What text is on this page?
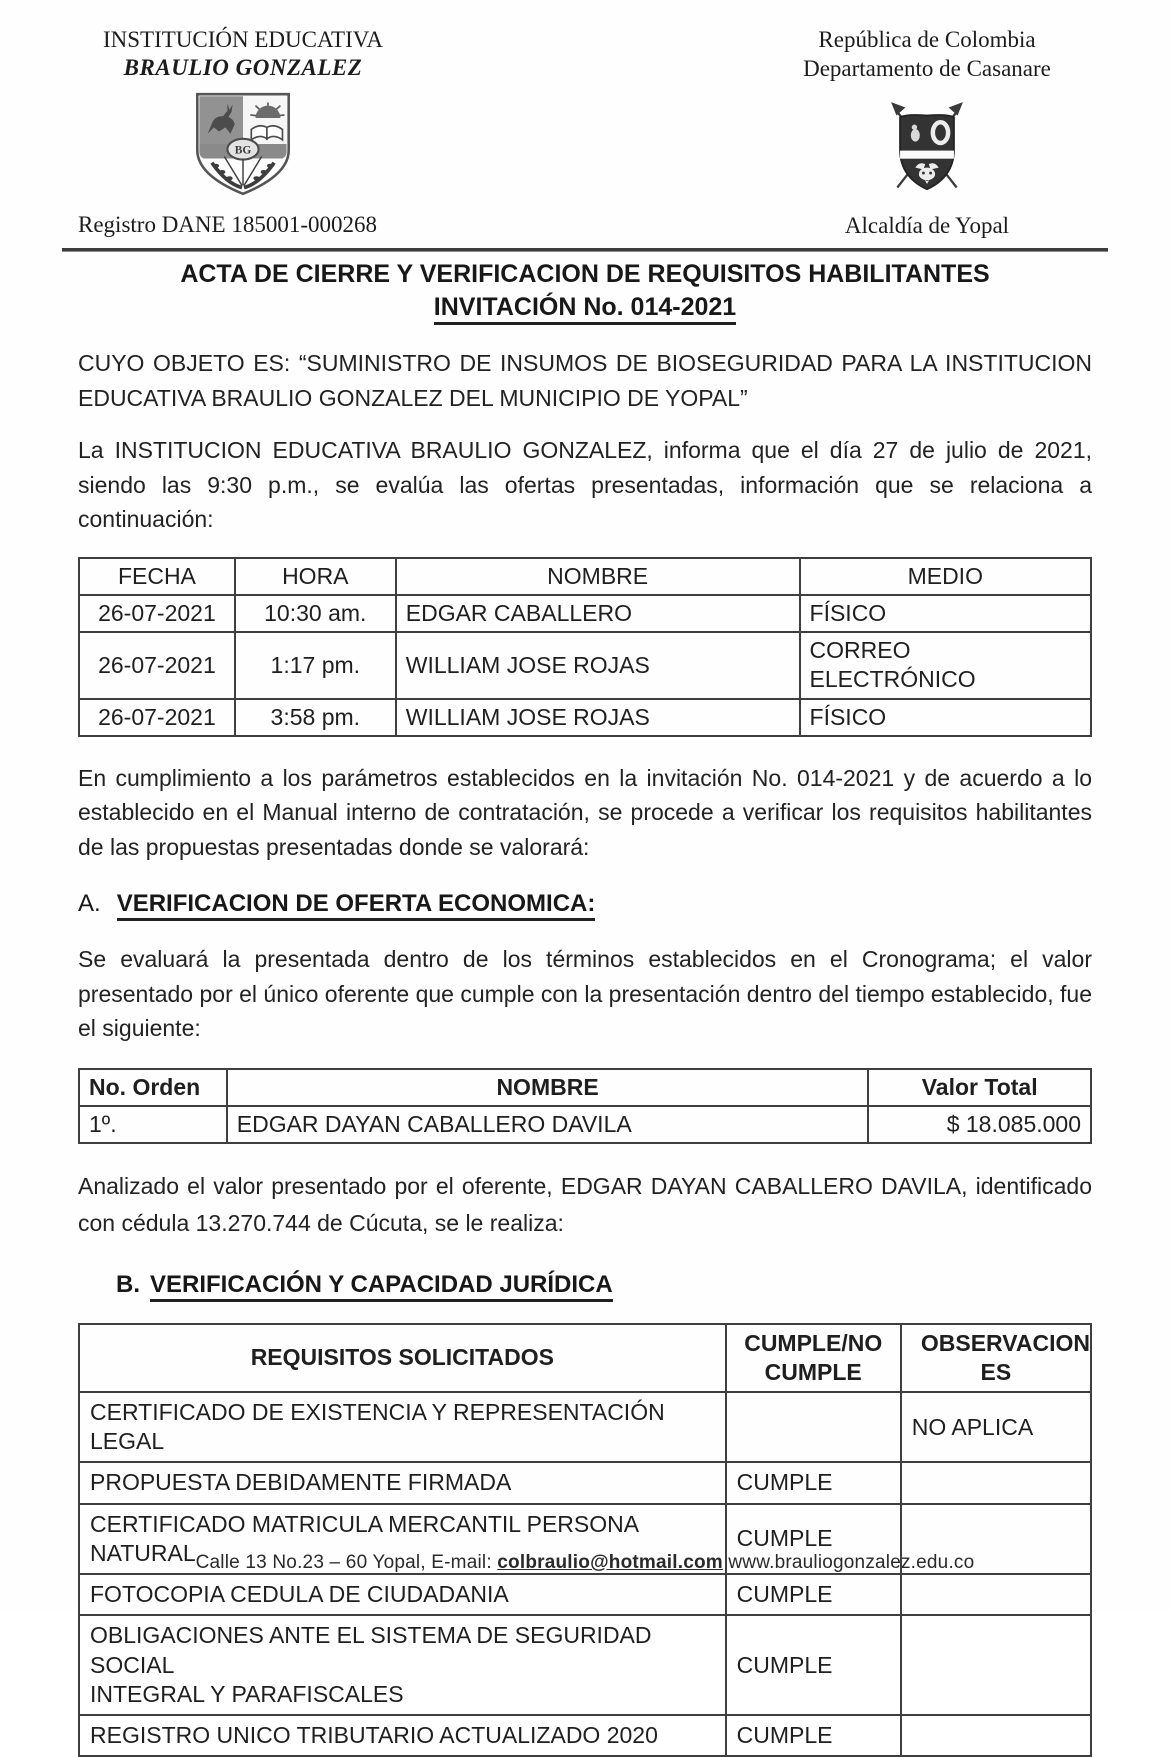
INSTITUCIÓN EDUCATIVA
BRAULIO GONZALEZ
BG
Registro DANE 185001-000268
República de Colombia
Departamento de Casanare
Alcaldía de Yopal
ACTA DE CIERRE Y VERIFICACION DE REQUISITOS HABILITANTES
INVITACIÓN No. 014-2021

CUYO OBJETO ES: “SUMINISTRO DE INSUMOS DE BIOSEGURIDAD PARA LA INSTITUCION EDUCATIVA BRAULIO GONZALEZ DEL MUNICIPIO DE YOPAL”

La INSTITUCION EDUCATIVA BRAULIO GONZALEZ, informa que el día 27 de julio de 2021, siendo las 9:30 p.m., se evalúa las ofertas presentadas, información que se relaciona a continuación:

FECHA	HORA	NOMBRE	MEDIO
26-07-2021	10:30 am.	EDGAR CABALLERO	FÍSICO
26-07-2021	1:17 pm.	WILLIAM JOSE ROJAS	CORREO ELECTRÓNICO
26-07-2021	3:58 pm.	WILLIAM JOSE ROJAS	FÍSICO

En cumplimiento a los parámetros establecidos en la invitación No. 014-2021 y de acuerdo a lo establecido en el Manual interno de contratación, se procede a verificar los requisitos habilitantes de las propuestas presentadas donde se valorará:

A. VERIFICACION DE OFERTA ECONOMICA:

Se evaluará la presentada dentro de los términos establecidos en el Cronograma; el valor presentado por el único oferente que cumple con la presentación dentro del tiempo establecido, fue el siguiente:

No. Orden	NOMBRE	Valor Total
1º.	EDGAR DAYAN CABALLERO DAVILA	$ 18.085.000

Analizado el valor presentado por el oferente, EDGAR DAYAN CABALLERO DAVILA, identificado con cédula 13.270.744 de Cúcuta, se le realiza:

B. VERIFICACIÓN Y CAPACIDAD JURÍDICA
REQUISITOS SOLICITADOS	CUMPLE/NO CUMPLE	OBSERVACION ES
CERTIFICADO DE EXISTENCIA Y REPRESENTACIÓN LEGAL		NO APLICA
PROPUESTA DEBIDAMENTE FIRMADA	CUMPLE	
CERTIFICADO MATRICULA MERCANTIL PERSONA NATURAL	CUMPLE	
FOTOCOPIA CEDULA DE CIUDADANIA	CUMPLE	
OBLIGACIONES ANTE EL SISTEMA DE SEGURIDAD SOCIAL
INTEGRAL Y PARAFISCALES	CUMPLE	
REGISTRO UNICO TRIBUTARIO ACTUALIZADO 2020	CUMPLE	
Calle 13 No.23 – 60 Yopal, E-mail: colbraulio@hotmail.com www.brauliogonzalez.edu.co
